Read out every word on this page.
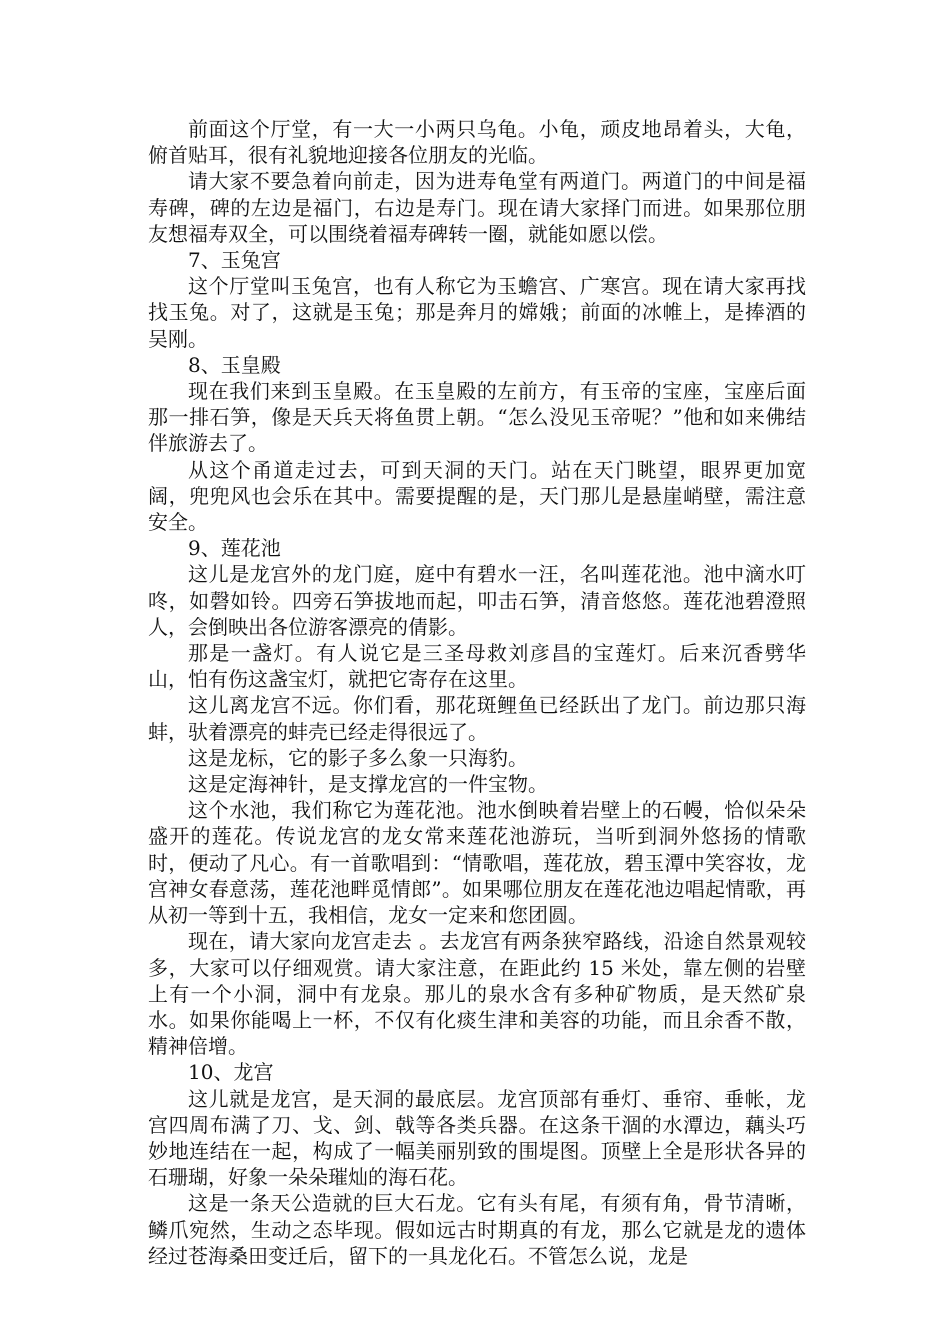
前面这个厅堂，有一大一小两只乌龟。小龟，顽皮地昂着头，大龟，俯首贴耳，很有礼貌地迎接各位朋友的光临。

请大家不要急着向前走，因为进寿龟堂有两道门。两道门的中间是福寿碑，碑的左边是福门，右边是寿门。现在请大家择门而进。如果那位朋友想福寿双全，可以围绕着福寿碑转一圈，就能如愿以偿。

7、玉兔宫

这个厅堂叫玉兔宫，也有人称它为玉蟾宫、广寒宫。现在请大家再找找玉兔。对了，这就是玉兔；那是奔月的嫦娥；前面的冰帷上，是捧酒的吴刚。

8、玉皇殿

现在我们来到玉皇殿。在玉皇殿的左前方，有玉帝的宝座，宝座后面那一排石笋，像是天兵天将鱼贯上朝。“怎么没见玉帝呢？”他和如来佛结伴旅游去了。

从这个甬道走过去，可到天洞的天门。站在天门眺望，眼界更加宽阔，兜兜风也会乐在其中。需要提醒的是，天门那儿是悬崖峭壁，需注意安全。

9、莲花池

这儿是龙宫外的龙门庭，庭中有碧水一汪，名叫莲花池。池中滴水叮咚，如磬如铃。四旁石笋拔地而起，叩击石笋，清音悠悠。莲花池碧澄照人，会倒映出各位游客漂亮的倩影。

那是一盏灯。有人说它是三圣母救刘彦昌的宝莲灯。后来沉香劈华山，怕有伤这盏宝灯，就把它寄存在这里。

这儿离龙宫不远。你们看，那花斑鲤鱼已经跃出了龙门。前边那只海蚌，驮着漂亮的蚌壳已经走得很远了。

这是龙标，它的影子多么象一只海豹。

这是定海神针，是支撑龙宫的一件宝物。

这个水池，我们称它为莲花池。池水倒映着岩壁上的石幔，恰似朵朵盛开的莲花。传说龙宫的龙女常来莲花池游玩，当听到洞外悠扬的情歌时，便动了凡心。有一首歌唱到：“情歌唱，莲花放，碧玉潭中笑容妆，龙宫神女春意荡，莲花池畔觅情郎”。如果哪位朋友在莲花池边唱起情歌，再从初一等到十五，我相信，龙女一定来和您团圆。

现在，请大家向龙宫走去 。去龙宫有两条狭窄路线，沿途自然景观较多，大家可以仔细观赏。请大家注意，在距此约 15 米处，靠左侧的岩壁上有一个小洞，洞中有龙泉。那儿的泉水含有多种矿物质，是天然矿泉水。如果你能喝上一杯，不仅有化痰生津和美容的功能，而且余香不散，精神倍增。

10、龙宫

这儿就是龙宫，是天洞的最底层。龙宫顶部有垂灯、垂帘、垂帐，龙宫四周布满了刀、戈、剑、戟等各类兵器。在这条干涸的水潭边，藕头巧妙地连结在一起，构成了一幅美丽别致的围堤图。顶壁上全是形状各异的石珊瑚，好象一朵朵璀灿的海石花。

这是一条天公造就的巨大石龙。它有头有尾，有须有角，骨节清晰，鳞爪宛然，生动之态毕现。假如远古时期真的有龙，那么它就是龙的遗体经过苍海桑田变迁后，留下的一具龙化石。不管怎么说，龙是
